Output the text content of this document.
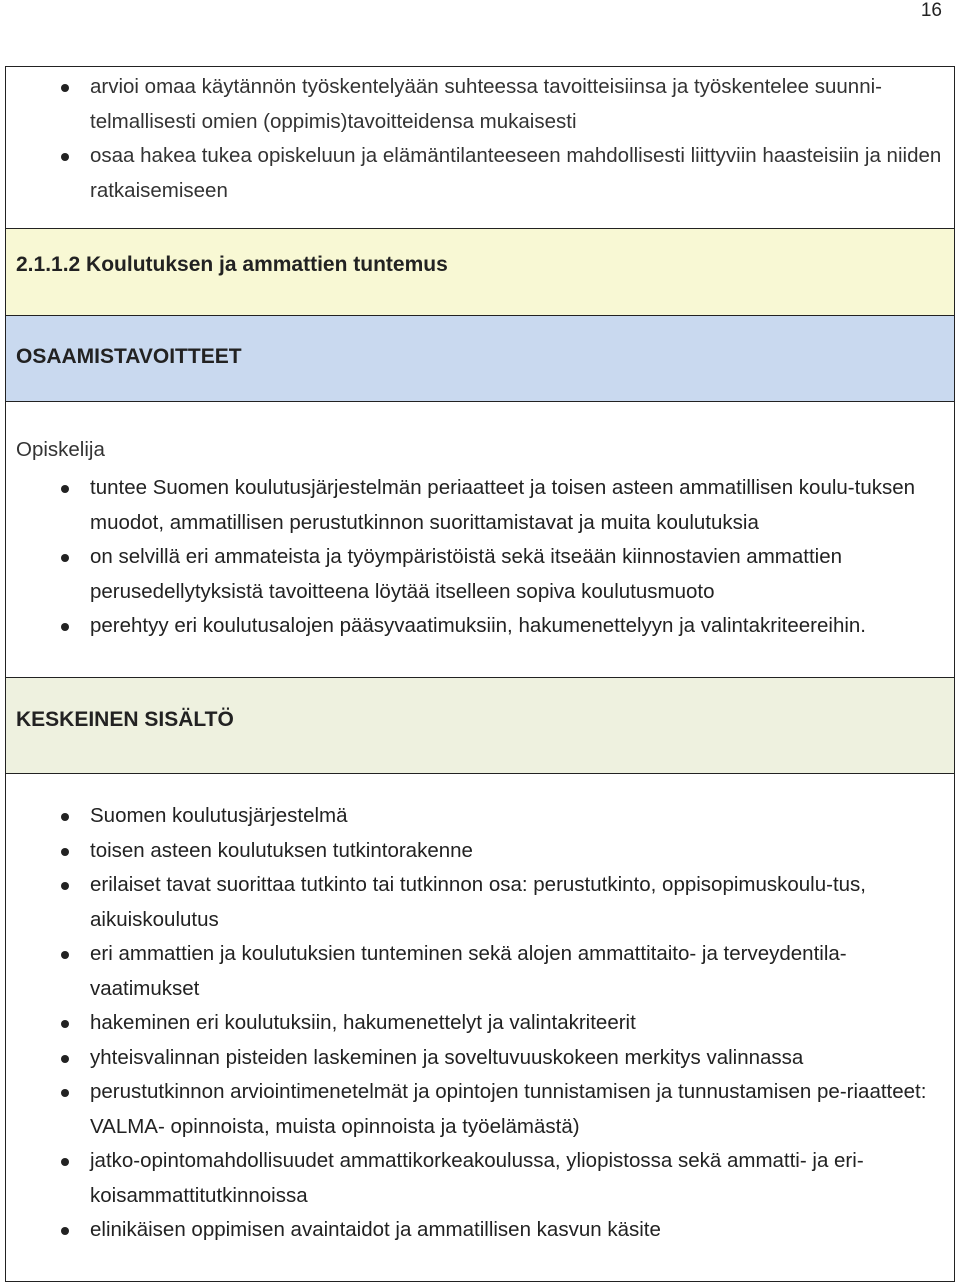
16
arvioi omaa käytännön työskentelyään suhteessa tavoitteisiinsa ja työskentelee suunni-telmallisesti omien (oppimis)tavoitteidensa mukaisesti
osaa hakea tukea opiskeluun ja elämäntilanteeseen mahdollisesti liittyviin haasteisiin ja niiden ratkaisemiseen
2.1.1.2 Koulutuksen ja ammattien tuntemus
OSAAMISTAVOITTEET
Opiskelija
tuntee Suomen koulutusjärjestelmän periaatteet ja toisen asteen ammatillisen koulu-tuksen muodot, ammatillisen perustutkinnon suorittamistavat ja muita koulutuksia
on selvillä eri ammateista ja työympäristöistä sekä itseään kiinnostavien ammattien perusedellytyksistä tavoitteena löytää itselleen sopiva koulutusmuoto
perehtyy eri koulutusalojen pääsyvaatimuksiin, hakumenettelyyn ja valintakriteereihin.
KESKEINEN SISÄLTÖ
Suomen koulutusjärjestelmä
toisen asteen koulutuksen tutkintorakenne
erilaiset tavat suorittaa tutkinto tai tutkinnon osa: perustutkinto, oppisopimuskoulu-tus, aikuiskoulutus
eri ammattien ja koulutuksien tunteminen sekä alojen ammattitaito- ja terveydentila-vaatimukset
hakeminen eri koulutuksiin, hakumenettelyt ja valintakriteerit
yhteisvalinnan pisteiden laskeminen ja soveltuvuuskokeen merkitys valinnassa
perustutkinnon arviointimenetelmät ja opintojen tunnistamisen ja tunnustamisen pe-riaatteet: VALMA- opinnoista, muista opinnoista ja työelämästä)
jatko-opintomahdollisuudet ammattikorkeakoulussa, yliopistossa sekä ammatti- ja eri-koisammattitutkinnoissa
elinikäisen oppimisen avaintaidot ja ammatillisen kasvun käsite
